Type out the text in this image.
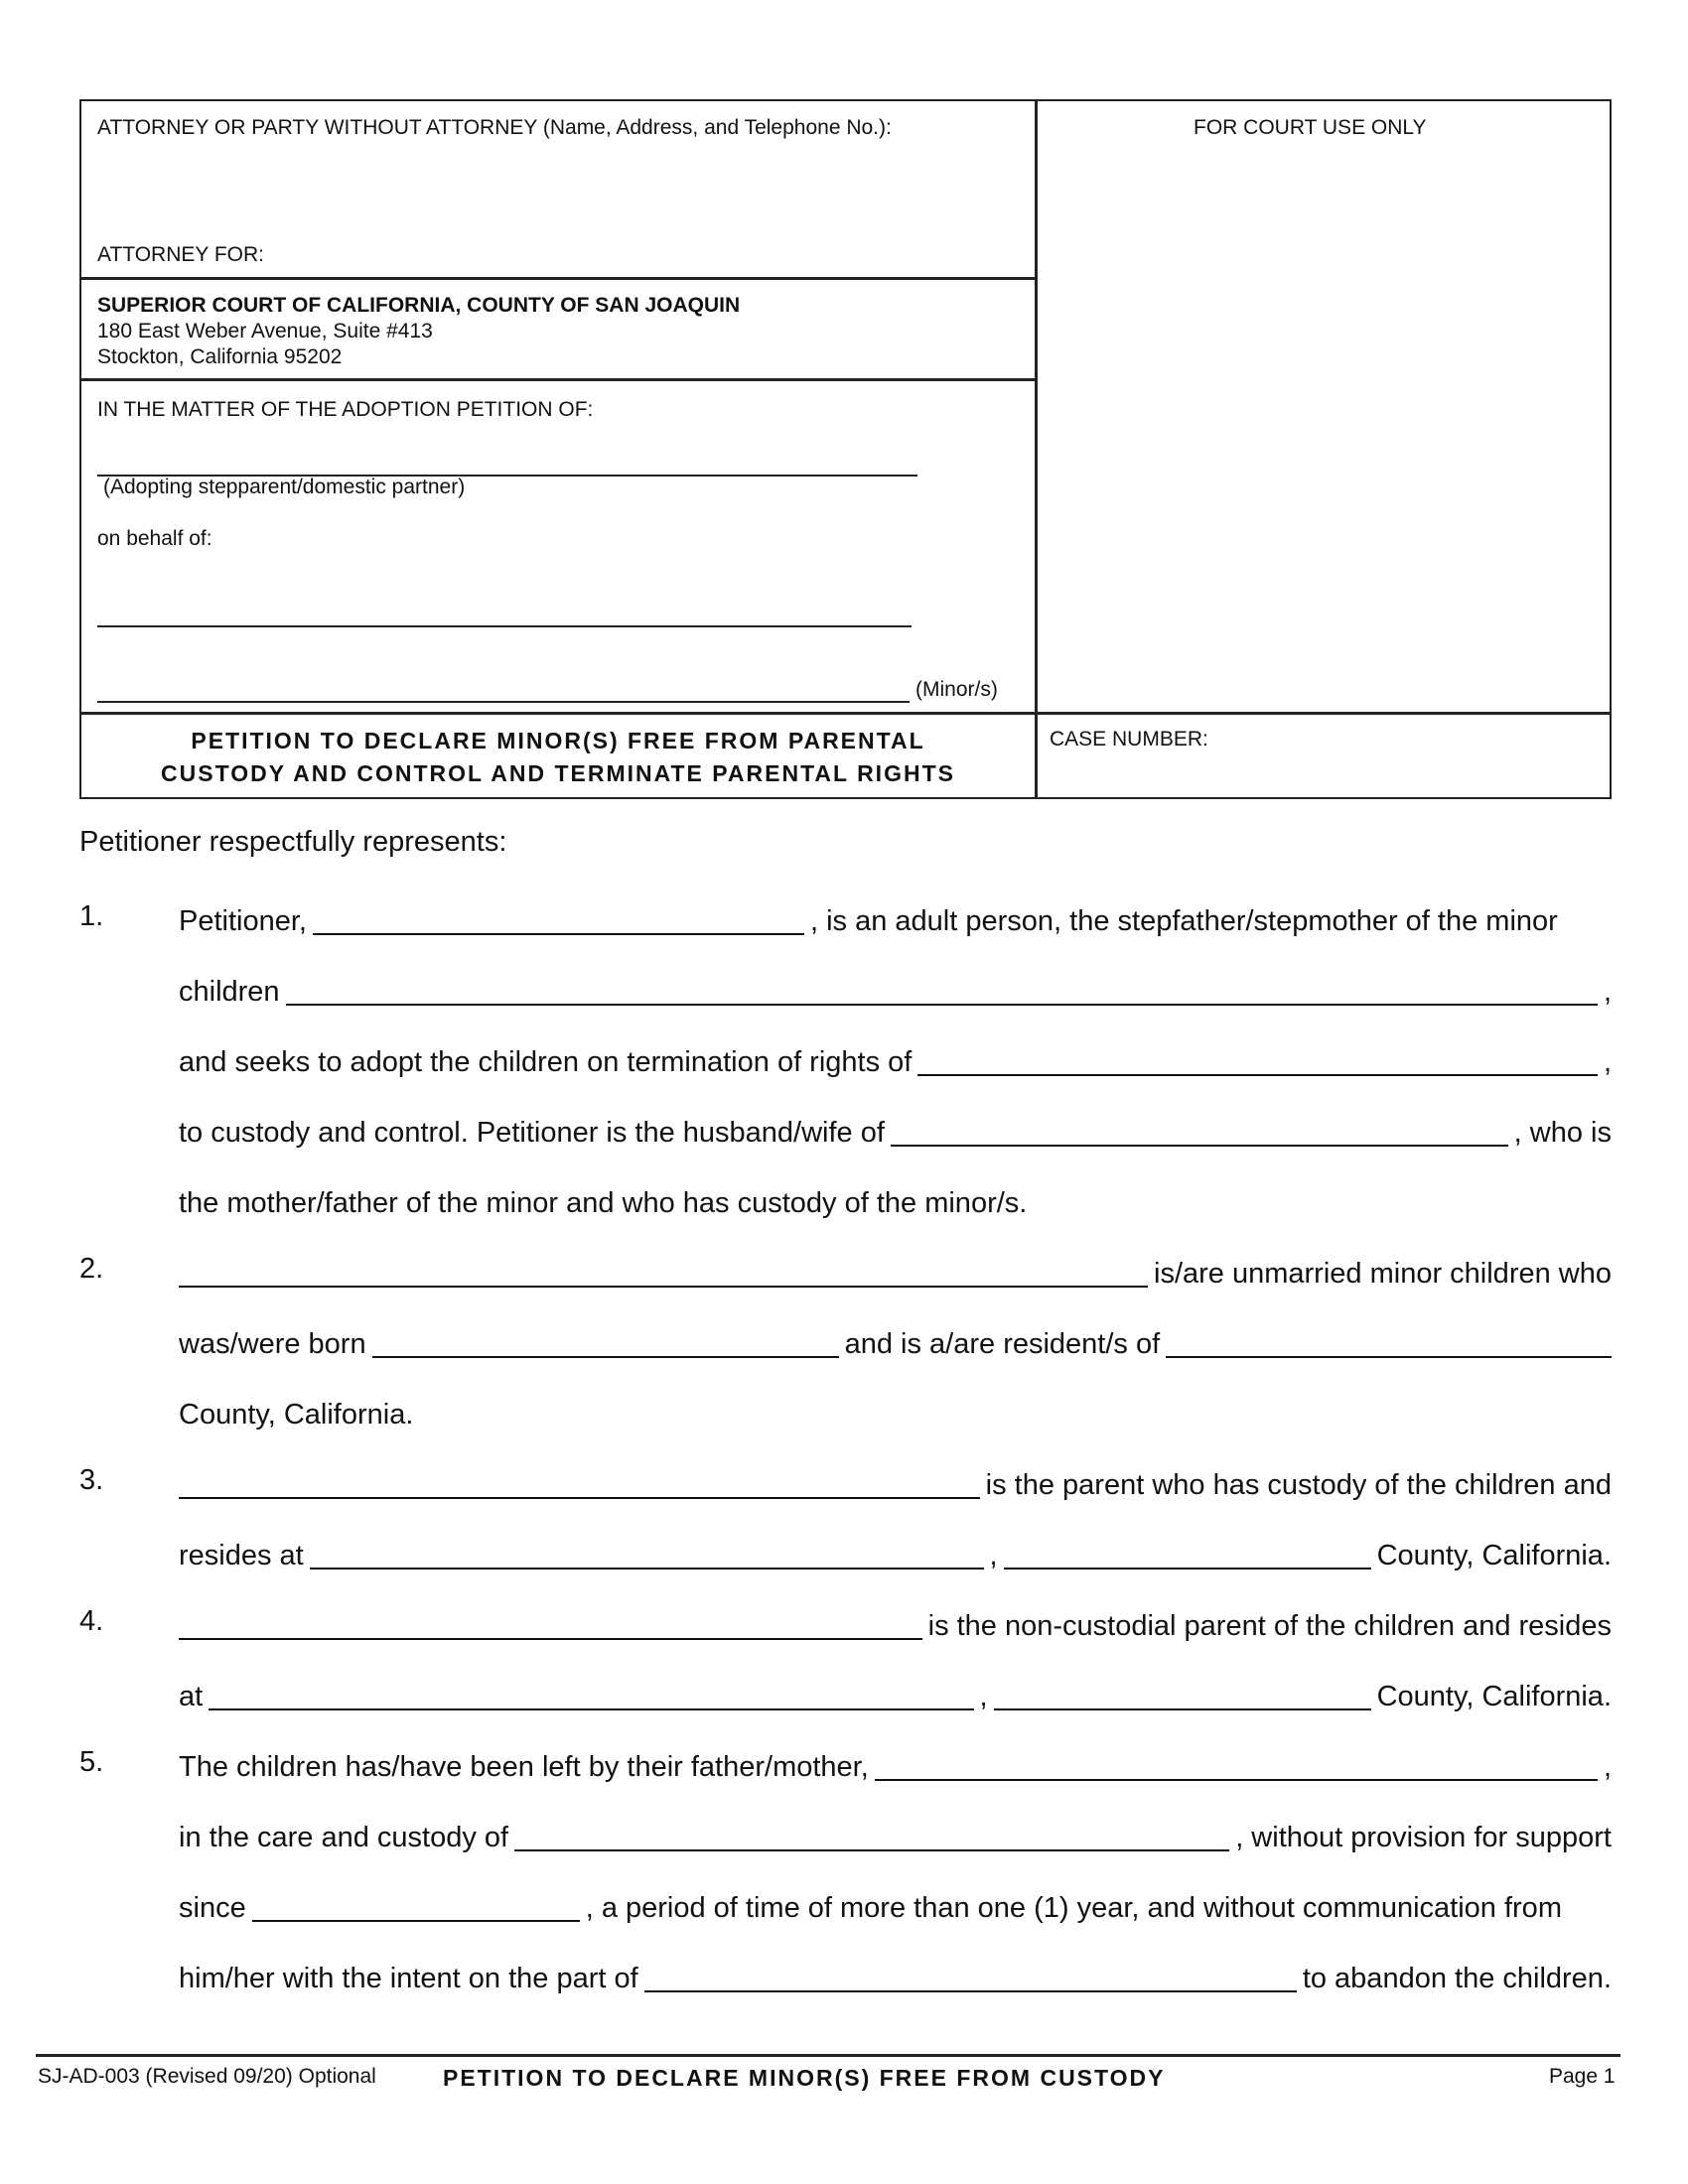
ATTORNEY OR PARTY WITHOUT ATTORNEY (Name, Address, and Telephone No.):
ATTORNEY FOR:
FOR COURT USE ONLY
SUPERIOR COURT OF CALIFORNIA, COUNTY OF SAN JOAQUIN
180 East Weber Avenue, Suite #413
Stockton, California 95202
IN THE MATTER OF THE ADOPTION PETITION OF:
(Adopting stepparent/domestic partner)
on behalf of:
(Minor/s)
PETITION TO DECLARE MINOR(S) FREE FROM PARENTAL
CUSTODY AND CONTROL AND TERMINATE PARENTAL RIGHTS
CASE NUMBER:
Petitioner respectfully represents:
1.	Petitioner,	, is an adult person, the stepfather/stepmother of the minor
children	,
and seeks to adopt the children on termination of rights of	,
to custody and control. Petitioner is the husband/wife of	, who is
the mother/father of the minor and who has custody of the minor/s.
2.	is/are unmarried minor children who
was/were born	and is a/are resident/s of
County, California.
3.	is the parent who has custody of the children and
resides at	,	County, California.
4.	is the non-custodial parent of the children and resides
at	,	County, California.
5.	The children has/have been left by their father/mother,	,
in the care and custody of	, without provision for support
since	, a period of time of more than one (1) year, and without communication from
him/her with the intent on the part of	to abandon the children.
SJ-AD-003 (Revised 09/20) Optional	PETITION TO DECLARE MINOR(S) FREE FROM CUSTODY	Page 1
